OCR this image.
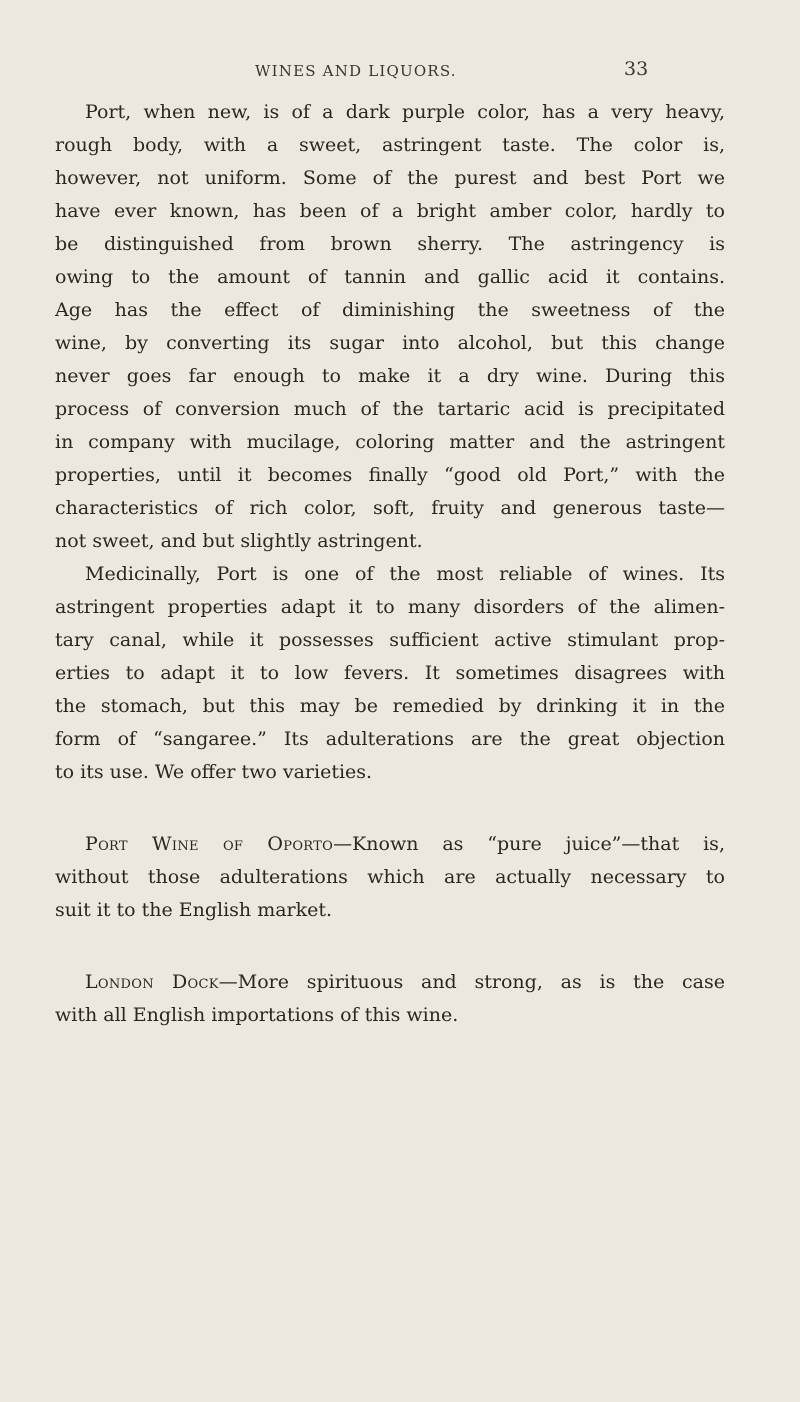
WINES AND LIQUORS.	33
Port, when new, is of a dark purple color, has a very heavy,
rough body, with a sweet, astringent taste. The color is,
however, not uniform. Some of the purest and best Port we
have ever known, has been of a bright amber color, hardly to
be distinguished from brown sherry. The astringency is
owing to the amount of tannin and gallic acid it contains.
Age has the effect of diminishing the sweetness of the
wine, by converting its sugar into alcohol, but this change
never goes far enough to make it a dry wine. During this
process of conversion much of the tartaric acid is precipitated
in company with mucilage, coloring matter and the astringent
properties, until it becomes finally “good old Port,” with the
characteristics of rich color, soft, fruity and generous taste—
not sweet, and but slightly astringent.
Medicinally, Port is one of the most reliable of wines. Its
astringent properties adapt it to many disorders of the alimen-
tary canal, while it possesses sufficient active stimulant prop-
erties to adapt it to low fevers. It sometimes disagrees with
the stomach, but this may be remedied by drinking it in the
form of “sangaree.” Its adulterations are the great objection
to its use. We offer two varieties.
Port Wine of Oporto—Known as “pure juice”—that is,
without those adulterations which are actually necessary to
suit it to the English market.
London Dock—More spirituous and strong, as is the case
with all English importations of this wine.
